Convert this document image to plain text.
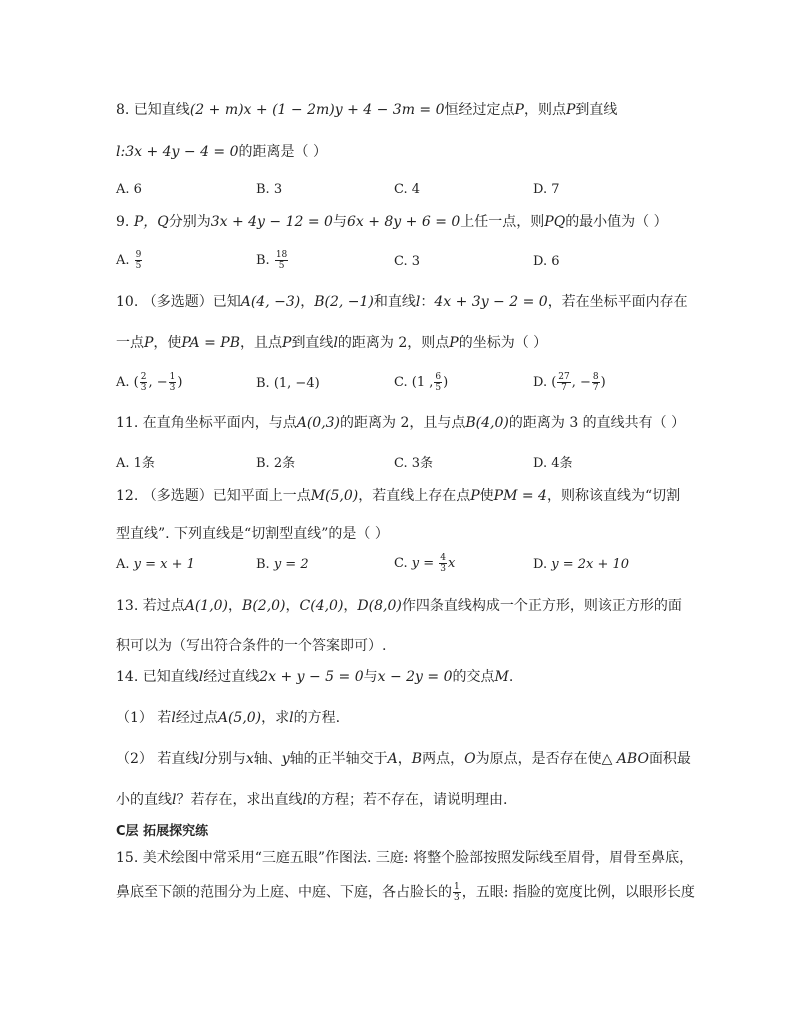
8. 已知直线(2 + m)x + (1 − 2m)y + 4 − 3m = 0恒经过定点P，则点P到直线
l:3x + 4y − 4 = 0的距离是（ ）
A. 6	B. 3	C. 4	D. 7
9. P，Q分别为3x + 4y − 12 = 0与6x + 8y + 6 = 0上任一点，则PQ的最小值为（ ）
A. $\frac{9}{5}$	B. $\frac{18}{5}$	C. 3	D. 6
10. （多选题）已知A(4, −3)，B(2, −1)和直线l：4x + 3y − 2 = 0，若在坐标平面内存在
一点P，使PA = PB，且点P到直线l的距离为 2，则点P的坐标为（ ）
A. ( $\frac{2}{3}$ , − $\frac{1}{3}$ )	B. (1, −4)	C. (1 , $\frac{6}{5}$ )	D. ( $\frac{27}{7}$ , − $\frac{8}{7}$ )
11. 在直角坐标平面内，与点A(0,3)的距离为 2，且与点B(4,0)的距离为 3 的直线共有（ ）
A. 1条	B. 2条	C. 3条	D. 4条
12. （多选题）已知平面上一点M(5,0)，若直线上存在点P使PM = 4，则称该直线为“切割
型直线”. 下列直线是“切割型直线”的是（ ）
A. y = x + 1	B. y = 2	C. $y = \frac{4}{3}$ x	D. y = 2x + 10
13. 若过点A(1,0)，B(2,0)，C(4,0)，D(8,0)作四条直线构成一个正方形，则该正方形的面
积可以为（写出符合条件的一个答案即可）.
14. 已知直线l经过直线2x + y − 5 = 0与x − 2y = 0的交点M.
（1） 若l经过点A(5,0)，求l的方程.
（2） 若直线l分别与x轴、y轴的正半轴交于A，B两点，O为原点，是否存在使△ ABO面积最
小的直线l？若存在，求出直线l的方程；若不存在，请说明理由.
C层 拓展探究练
15. 美术绘图中常采用“三庭五眼”作图法. 三庭: 将整个脸部按照发际线至眉骨，眉骨至鼻底，
鼻底至下颌的范围分为上庭、中庭、下庭，各占脸长的 $\frac{1}{3}$ ，五眼: 指脸的宽度比例，以眼形长度
